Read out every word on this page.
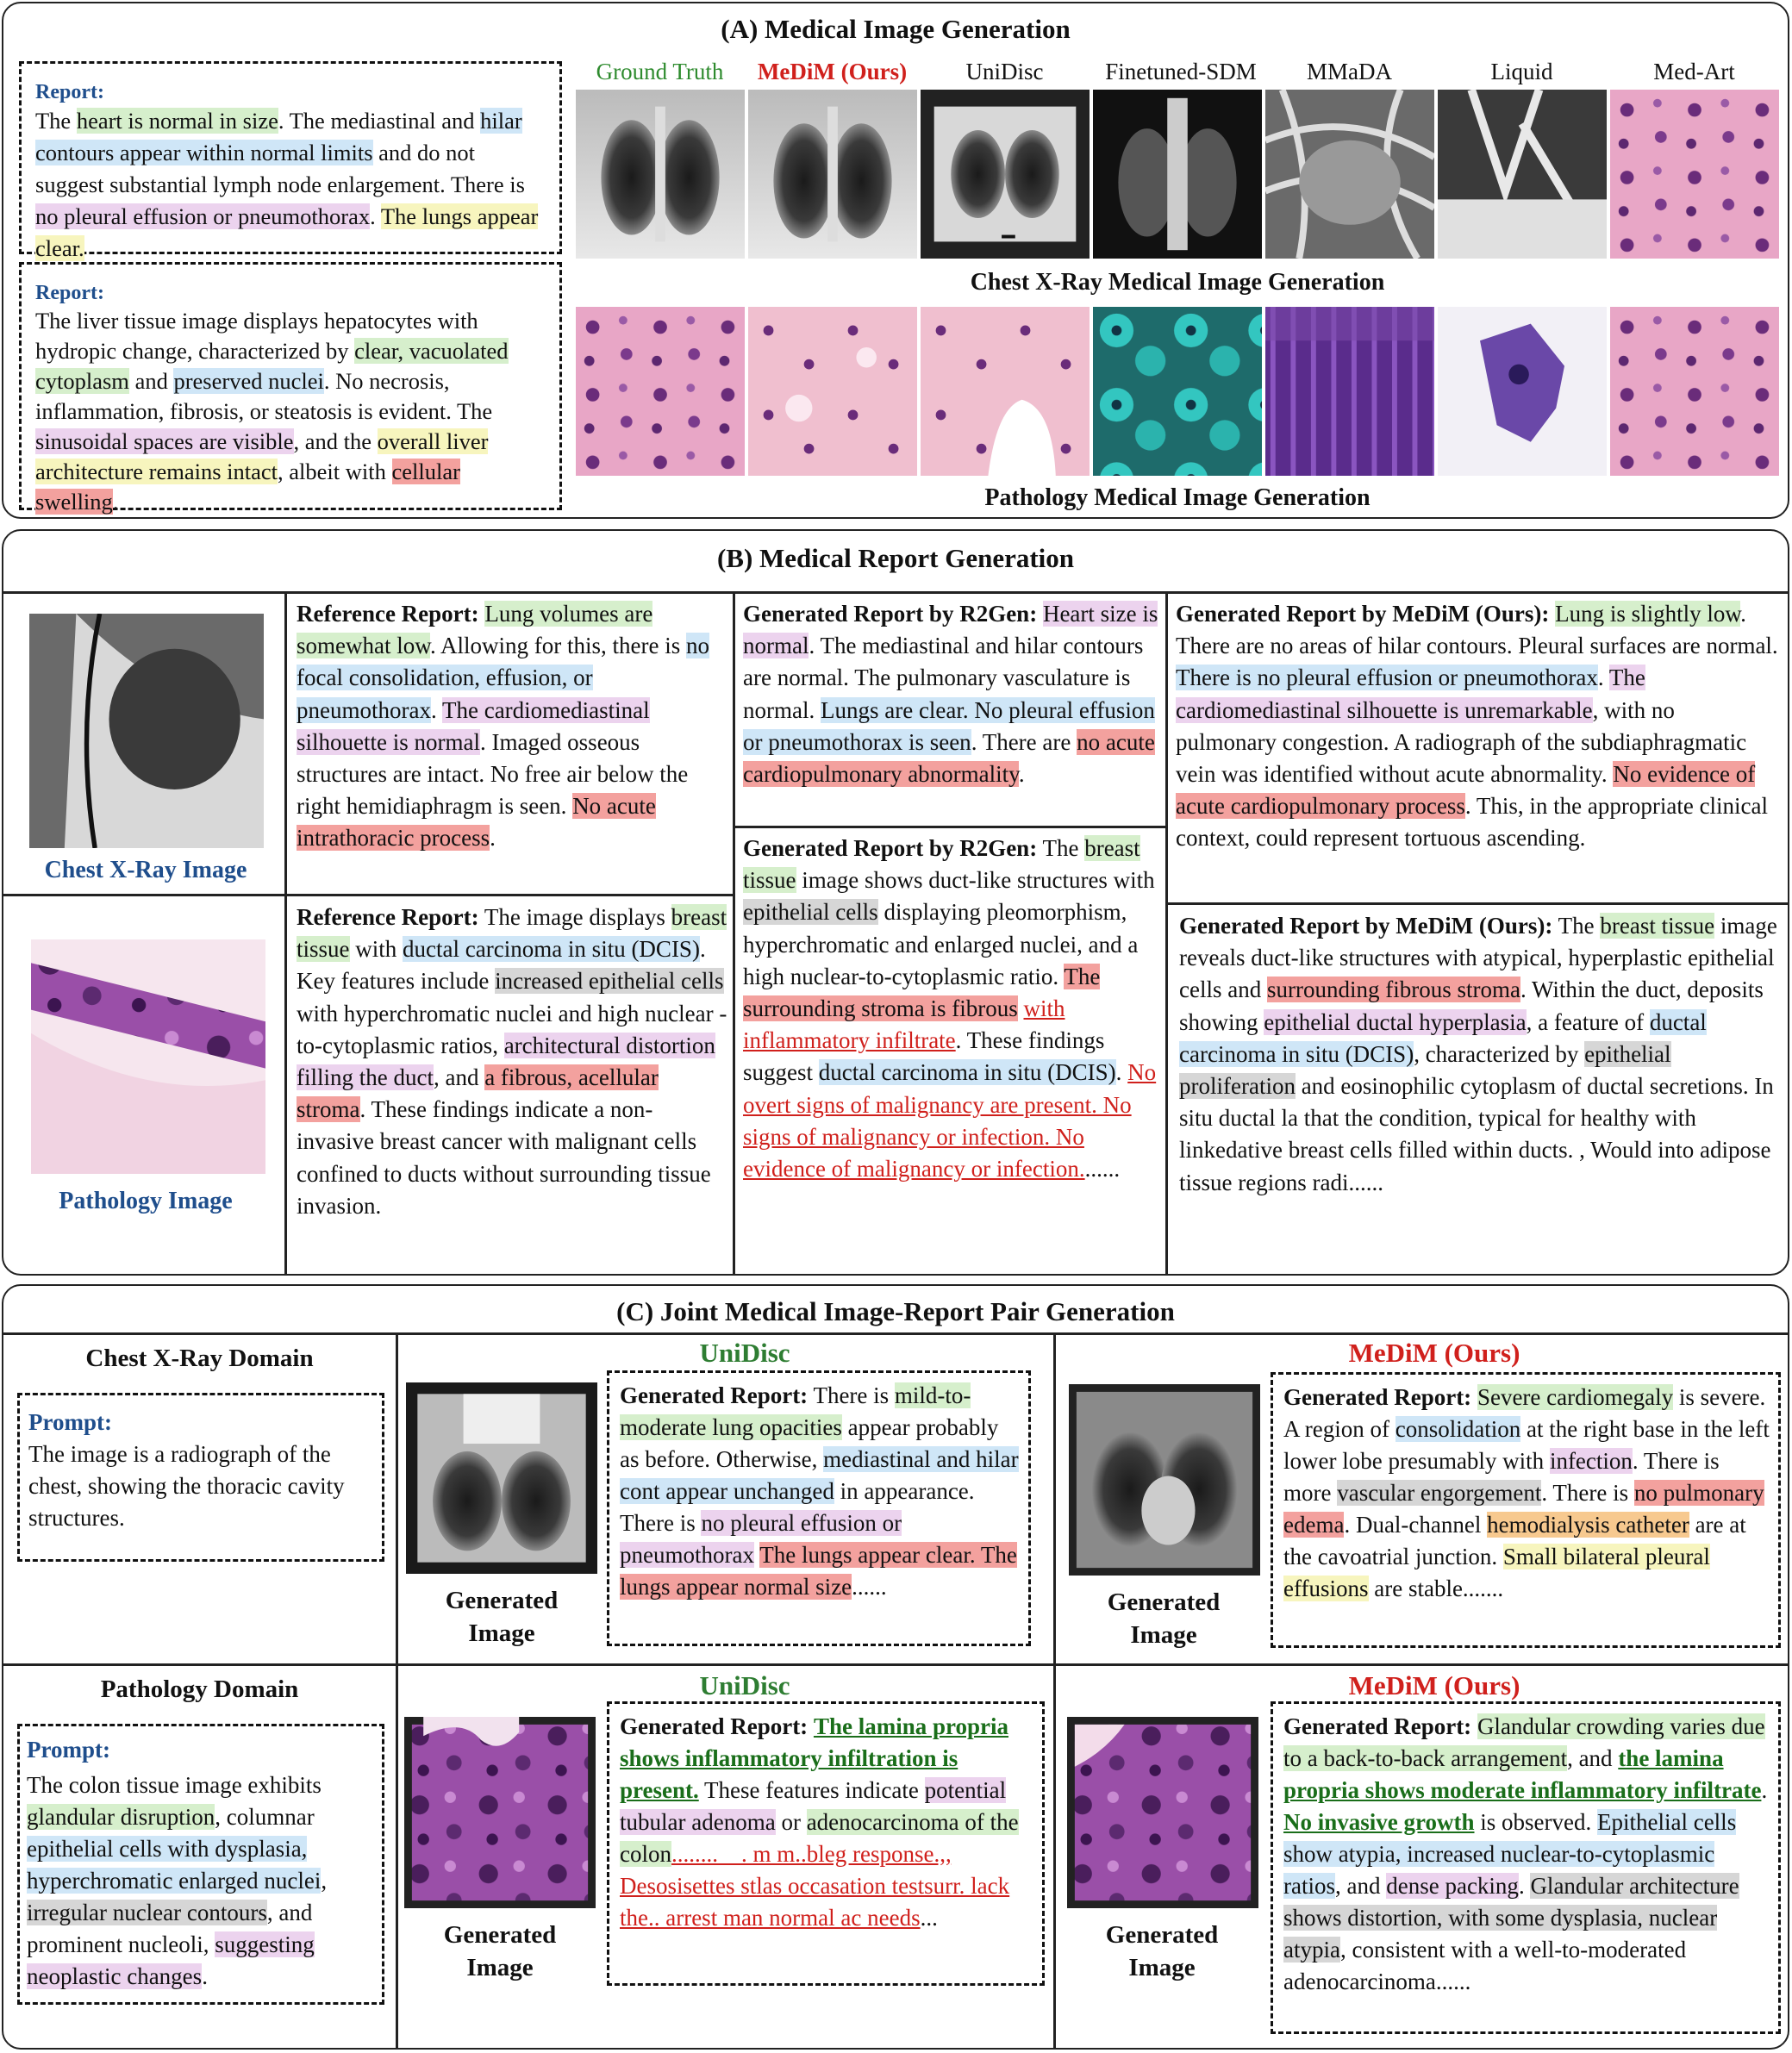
(A) Medical Image Generation
Report:
The heart is normal in size. The mediastinal and hilar contours appear within normal limits and do not suggest substantial lymph node enlargement. There is no pleural effusion or pneumothorax. The lungs appear clear.
Report:
The liver tissue image displays hepatocytes with hydropic change, characterized by clear, vacuolated cytoplasm and preserved nuclei. No necrosis, inflammation, fibrosis, or steatosis is evident. The sinusoidal spaces are visible, and the overall liver architecture remains intact, albeit with cellular swelling.
Ground Truth	MeDiM (Ours)	UniDisc	Finetuned-SDM	MMaDA	Liquid	Med-Art
Chest X-Ray Medical Image Generation
Pathology Medical Image Generation
(B) Medical Report Generation
Chest X-Ray Image
Pathology Image
Reference Report: Lung volumes are somewhat low. Allowing for this, there is no focal consolidation, effusion, or pneumothorax. The cardiomediastinal silhouette is normal. Imaged osseous structures are intact. No free air below the right hemidiaphragm is seen. No acute intrathoracic process.
Reference Report: The image displays breast tissue with ductal carcinoma in situ (DCIS). Key features include increased epithelial cells with hyperchromatic nuclei and high nuclear -to-cytoplasmic ratios, architectural distortion filling the duct, and a fibrous, acellular stroma. These findings indicate a non-invasive breast cancer with malignant cells confined to ducts without surrounding tissue invasion.
Generated Report by R2Gen: Heart size is normal. The mediastinal and hilar contours are normal. The pulmonary vasculature is normal. Lungs are clear. No pleural effusion or pneumothorax is seen. There are no acute cardiopulmonary abnormality.
Generated Report by R2Gen: The breast tissue image shows duct-like structures with epithelial cells displaying pleomorphism, hyperchromatic and enlarged nuclei, and a high nuclear-to-cytoplasmic ratio. The surrounding stroma is fibrous with inflammatory infiltrate. These findings suggest ductal carcinoma in situ (DCIS). No overt signs of malignancy are present. No signs of malignancy or infection. No evidence of malignancy or infection.......
Generated Report by MeDiM (Ours): Lung is slightly low. There are no areas of hilar contours. Pleural surfaces are normal. There is no pleural effusion or pneumothorax. The cardiomediastinal silhouette is unremarkable, with no pulmonary congestion. A radiograph of the subdiaphragmatic vein was identified without acute abnormality. No evidence of acute cardiopulmonary process. This, in the appropriate clinical context, could represent tortuous ascending.
Generated Report by MeDiM (Ours): The breast tissue image reveals duct-like structures with atypical, hyperplastic epithelial cells and surrounding fibrous stroma. Within the duct, deposits showing epithelial ductal hyperplasia, a feature of ductal carcinoma in situ (DCIS), characterized by epithelial proliferation and eosinophilic cytoplasm of ductal secretions. In situ ductal la that the condition, typical for healthy with linkedative breast cells filled within ducts. , Would into adipose tissue regions radi......
(C) Joint Medical Image-Report Pair Generation
Chest X-Ray Domain
Prompt:
The image is a radiograph of the chest, showing the thoracic cavity structures.
UniDisc
Generated Image
Generated Report: There is mild-to-moderate lung opacities appear probably as before. Otherwise, mediastinal and hilar cont appear unchanged in appearance. There is no pleural effusion or pneumothorax The lungs appear clear. The lungs appear normal size......
MeDiM (Ours)
Generated Image
Generated Report: Severe cardiomegaly is severe. A region of consolidation at the right base in the left lower lobe presumably with infection. There is more vascular engorgement. There is no pulmonary edema. Dual-channel hemodialysis catheter are at the cavoatrial junction. Small bilateral pleural effusions are stable.......
Pathology Domain
Prompt:
The colon tissue image exhibits glandular disruption, columnar epithelial cells with dysplasia, hyperchromatic enlarged nuclei, irregular nuclear contours, and prominent nucleoli, suggesting neoplastic changes.
UniDisc
Generated Image
Generated Report: The lamina propria shows inflammatory infiltration is present. These features indicate potential tubular adenoma or adenocarcinoma of the colon........__. m m..bleg response.,, Desosisettes stlas occasation testsurr. lack the.. arrest man normal ac needs...
MeDiM (Ours)
Generated Image
Generated Report: Glandular crowding varies due to a back-to-back arrangement, and the lamina propria shows moderate inflammatory infiltrate. No invasive growth is observed. Epithelial cells show atypia, increased nuclear-to-cytoplasmic ratios, and dense packing. Glandular architecture shows distortion, with some dysplasia, nuclear atypia, consistent with a well-to-moderated adenocarcinoma......
